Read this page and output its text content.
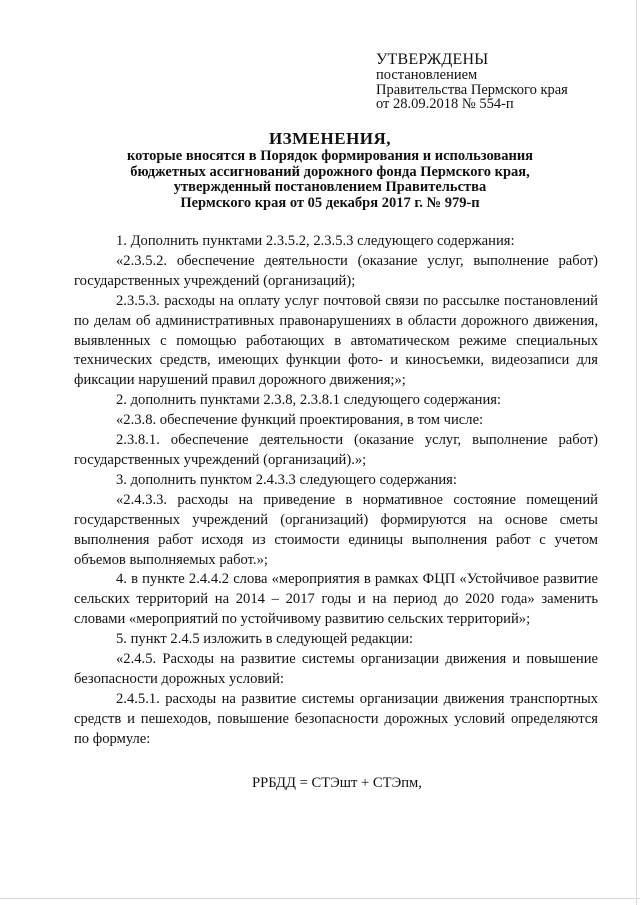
УТВЕРЖДЕНЫ
постановлением
Правительства Пермского края
от 28.09.2018 № 554-п
ИЗМЕНЕНИЯ,
которые вносятся в Порядок формирования и использования
бюджетных ассигнований дорожного фонда Пермского края,
утвержденный постановлением Правительства
Пермского края от 05 декабря 2017 г. № 979-п

1. Дополнить пунктами 2.3.5.2, 2.3.5.3 следующего содержания:

«2.3.5.2. обеспечение деятельности (оказание услуг, выполнение работ) государственных учреждений (организаций);

2.3.5.3. расходы на оплату услуг почтовой связи по рассылке постановлений по делам об административных правонарушениях в области дорожного движения, выявленных с помощью работающих в автоматическом режиме специальных технических средств, имеющих функции фото- и киносъемки, видеозаписи для фиксации нарушений правил дорожного движения;»;

2. дополнить пунктами 2.3.8, 2.3.8.1 следующего содержания:

«2.3.8. обеспечение функций проектирования, в том числе:

2.3.8.1. обеспечение деятельности (оказание услуг, выполнение работ) государственных учреждений (организаций).»;

3. дополнить пунктом 2.4.3.3 следующего содержания:

«2.4.3.3. расходы на приведение в нормативное состояние помещений государственных учреждений (организаций) формируются на основе сметы выполнения работ исходя из стоимости единицы выполнения работ с учетом объемов выполняемых работ.»;

4. в пункте 2.4.4.2 слова «мероприятия в рамках ФЦП «Устойчивое развитие сельских территорий на 2014 – 2017 годы и на период до 2020 года» заменить словами «мероприятий по устойчивому развитию сельских территорий»;

5. пункт 2.4.5 изложить в следующей редакции:

«2.4.5. Расходы на развитие системы организации движения и повышение безопасности дорожных условий:

2.4.5.1. расходы на развитие системы организации движения транспортных средств и пешеходов, повышение безопасности дорожных условий определяются по формуле:

РРБДД = СТЭшт + СТЭпм,
